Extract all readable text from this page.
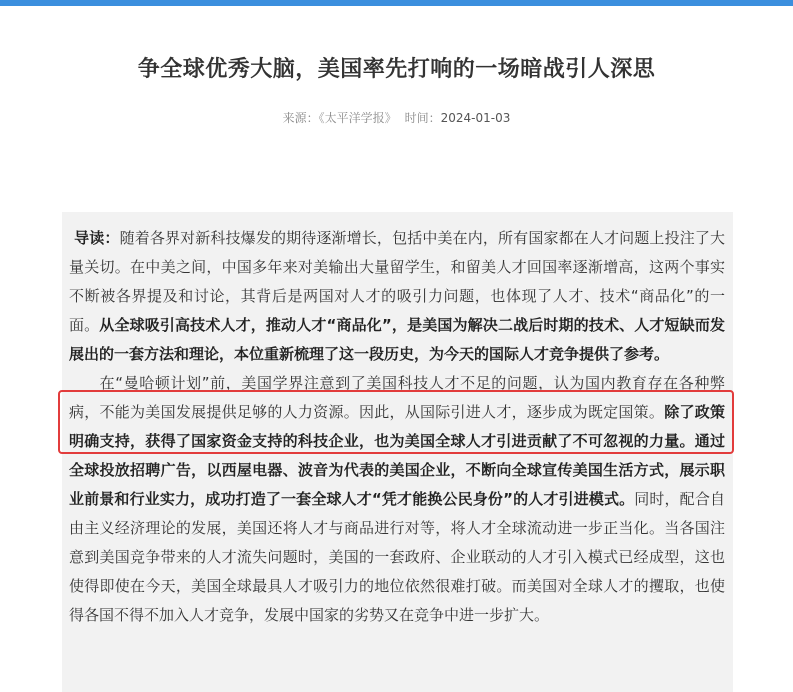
争全球优秀大脑，美国率先打响的一场暗战引人深思
来源：《太平洋学报》 时间：2024-01-03

导读：随着各界对新科技爆发的期待逐渐增长，包括中美在内，所有国家都在人才问题上投注了大量关切。在中美之间，中国多年来对美输出大量留学生，和留美人才回国率逐渐增高，这两个事实不断被各界提及和讨论，其背后是两国对人才的吸引力问题，也体现了人才、技术“商品化”的一面。从全球吸引高技术人才，推动人才“商品化”，是美国为解决二战后时期的技术、人才短缺而发展出的一套方法和理论，本位重新梳理了这一段历史，为今天的国际人才竞争提供了参考。

在“曼哈顿计划”前，美国学界注意到了美国科技人才不足的问题，认为国内教育存在各种弊病，不能为美国发展提供足够的人力资源。因此，从国际引进人才，逐步成为既定国策。除了政策明确支持，获得了国家资金支持的科技企业，也为美国全球人才引进贡献了不可忽视的力量。通过全球投放招聘广告，以西屋电器、波音为代表的美国企业，不断向全球宣传美国生活方式，展示职业前景和行业实力，成功打造了一套全球人才“凭才能换公民身份”的人才引进模式。同时，配合自由主义经济理论的发展，美国还将人才与商品进行对等，将人才全球流动进一步正当化。当各国注意到美国竞争带来的人才流失问题时，美国的一套政府、企业联动的人才引入模式已经成型，这也使得即使在今天，美国全球最具人才吸引力的地位依然很难打破。而美国对全球人才的攫取，也使得各国不得不加入人才竞争，发展中国家的劣势又在竞争中进一步扩大。
